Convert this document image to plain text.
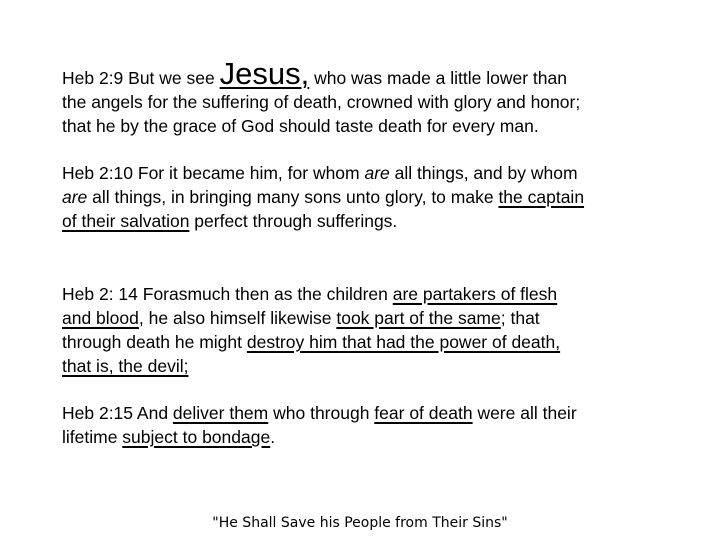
Heb 2:9 But we see Jesus, who was made a little lower than
the angels for the suffering of death, crowned with glory and honor;
that he by the grace of God should taste death for every man.
Heb 2:10 For it became him, for whom are all things, and by whom
are all things, in bringing many sons unto glory, to make the captain
of their salvation perfect through sufferings.
Heb 2: 14 Forasmuch then as the children are partakers of flesh
and blood, he also himself likewise took part of the same; that
through death he might destroy him that had the power of death,
that is, the devil;
Heb 2:15 And deliver them who through fear of death were all their
lifetime subject to bondage.
"He Shall Save his People from Their Sins"
